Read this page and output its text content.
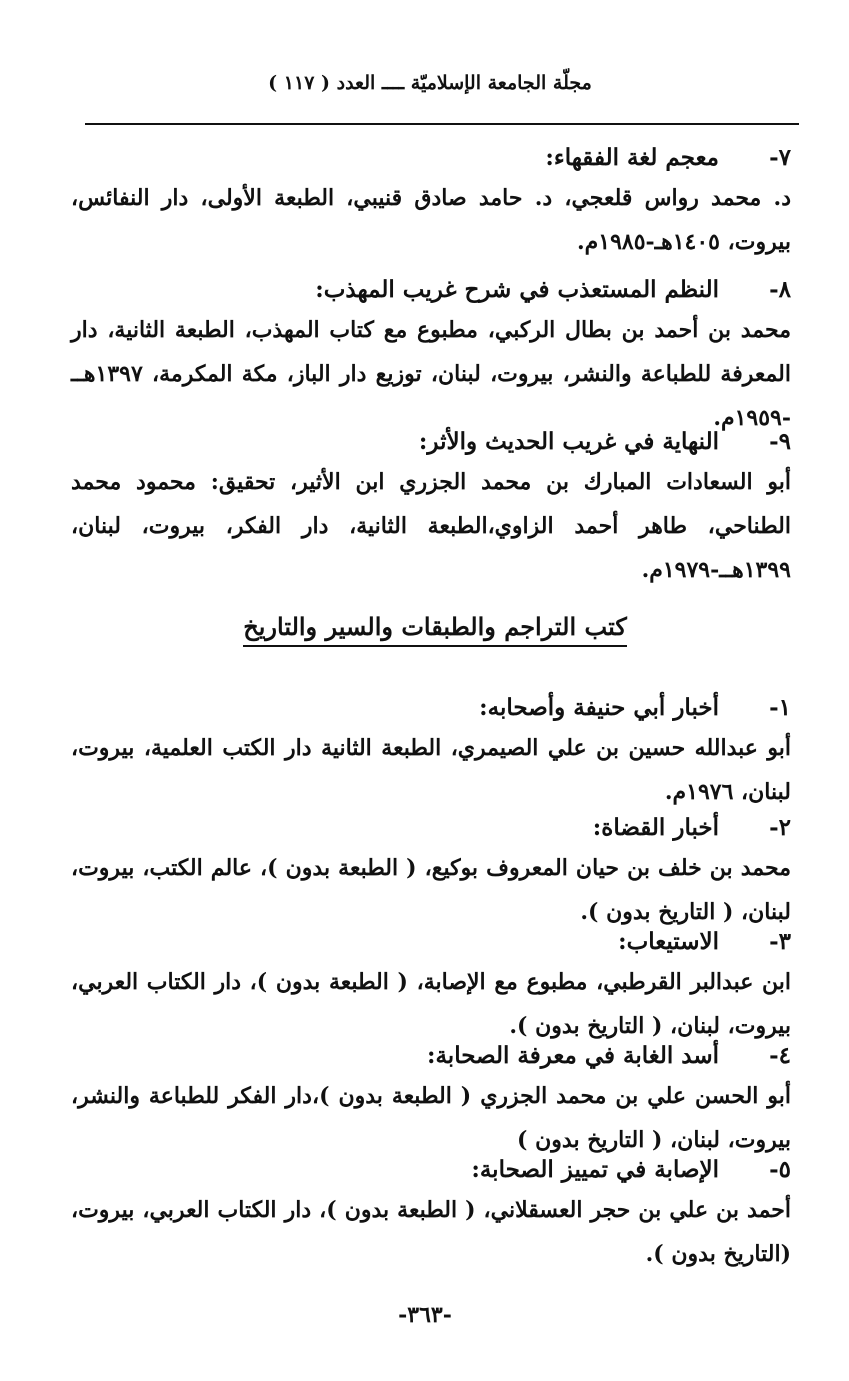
مجلّة الجامعة الإسلاميّة ــــ العدد ( ١١٧ )
٧-
معجم لغة الفقهاء:
د. محمد رواس قلعجي، د. حامد صادق قنيبي، الطبعة الأولى، دار النفائس، بيروت، ١٤٠٥هـ-١٩٨٥م.
٨-
النظم المستعذب في شرح غريب المهذب:
محمد بن أحمد بن بطال الركبي، مطبوع مع كتاب المهذب، الطبعة الثانية، دار المعرفة للطباعة والنشر، بيروت، لبنان، توزيع دار الباز، مكة المكرمة، ١٣٩٧هــ -١٩٥٩م.
٩-
النهاية في غريب الحديث والأثر:
أبو السعادات المبارك بن محمد الجزري ابن الأثير، تحقيق: محمود محمد الطناحي، طاهر أحمد الزاوي،الطبعة الثانية، دار الفكر، بيروت، لبنان، ١٣٩٩هــ-١٩٧٩م.
كتب التراجم والطبقات والسير والتاريخ
١-
أخبار أبي حنيفة وأصحابه:
أبو عبدالله حسين بن علي الصيمري، الطبعة الثانية دار الكتب العلمية، بيروت، لبنان، ١٩٧٦م.
٢-
أخبار القضاة:
محمد بن خلف بن حيان المعروف بوكيع، ( الطبعة بدون )، عالم الكتب، بيروت، لبنان، ( التاريخ بدون ).
٣-
الاستيعاب:
ابن عبدالبر القرطبي، مطبوع مع الإصابة، ( الطبعة بدون )، دار الكتاب العربي، بيروت، لبنان، ( التاريخ بدون ).
٤-
أسد الغابة في معرفة الصحابة:
أبو الحسن علي بن محمد الجزري ( الطبعة بدون )،دار الفكر للطباعة والنشر، بيروت، لبنان، ( التاريخ بدون )
٥-
الإصابة في تمييز الصحابة:
أحمد بن علي بن حجر العسقلاني، ( الطبعة بدون )، دار الكتاب العربي، بيروت، (التاريخ بدون ).
-٣٦٣-
